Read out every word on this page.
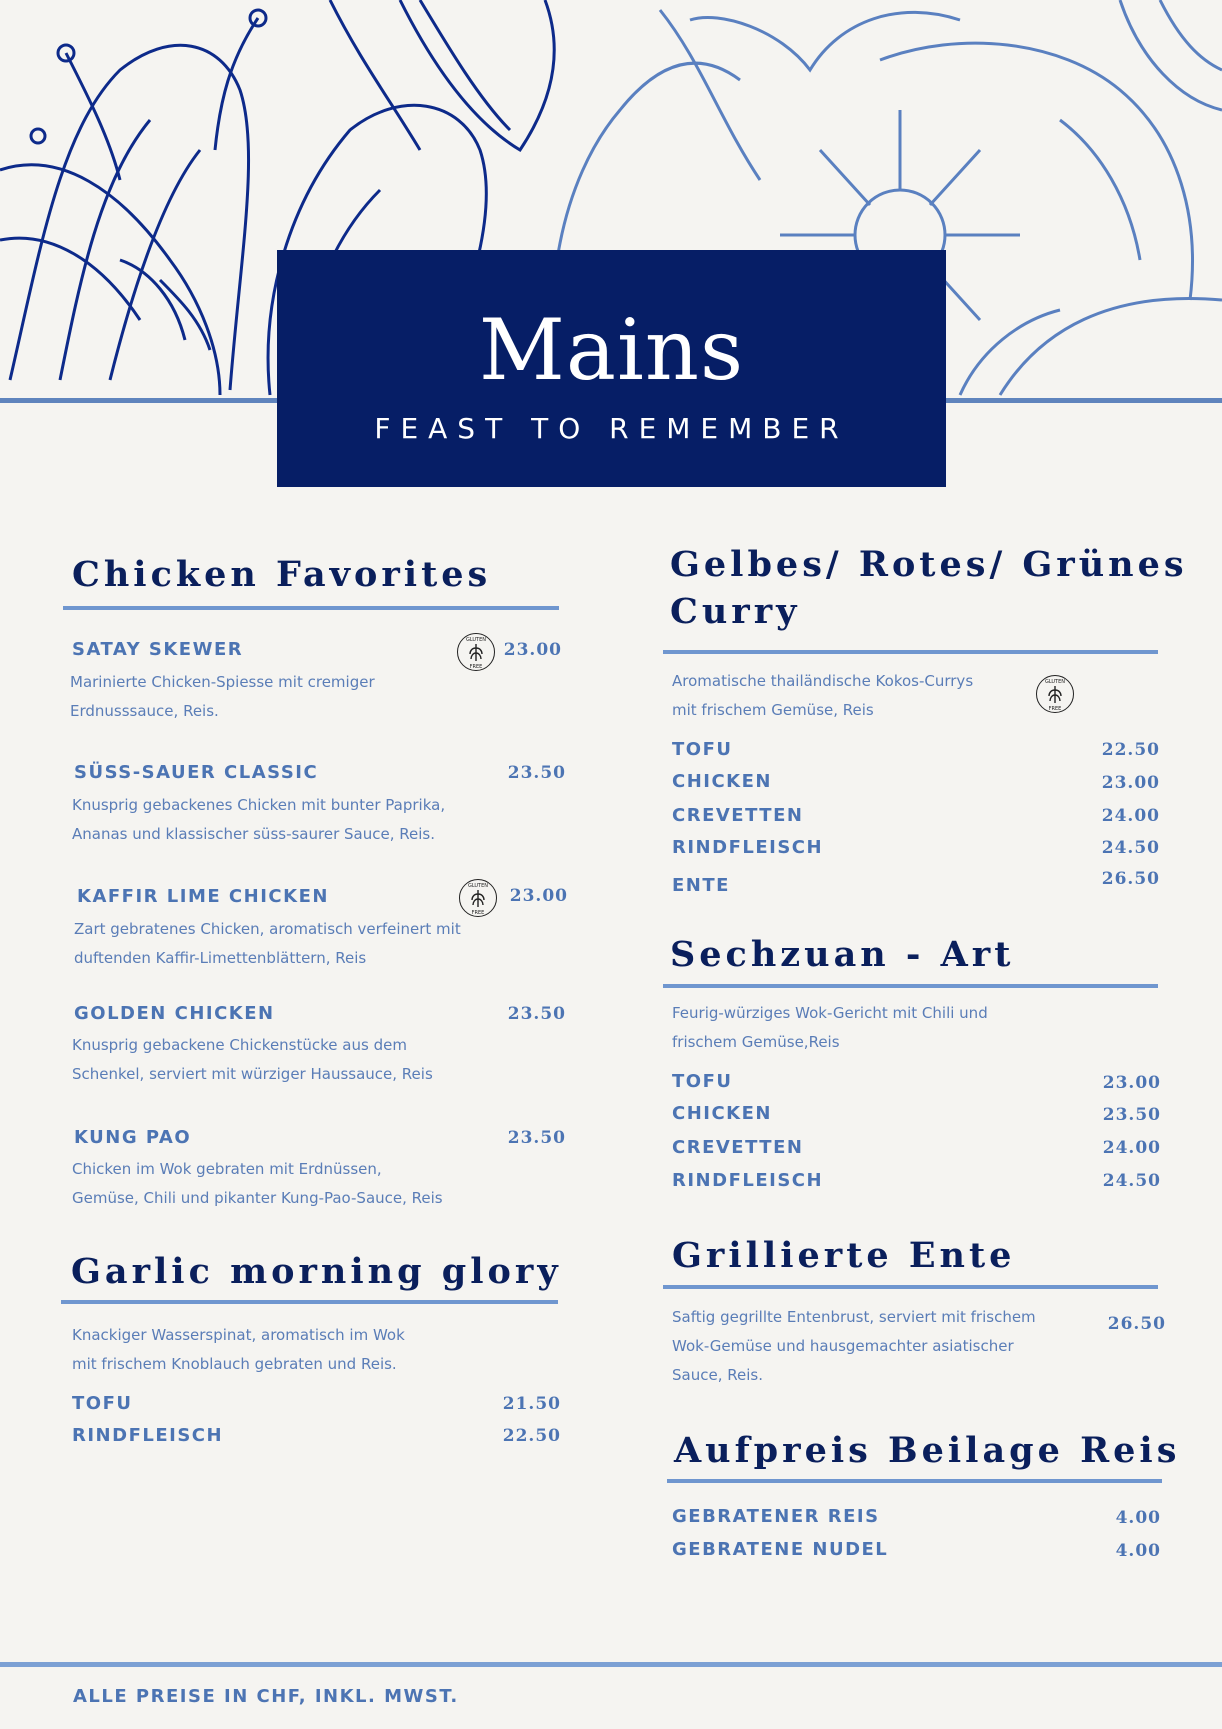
Mains
FEAST TO REMEMBER
Chicken Favorites
SATAY SKEWER	23.00
Marinierte Chicken-Spiesse mit cremiger
Erdnusssauce, Reis.
SÜSS-SAUER CLASSIC	23.50
Knusprig gebackenes Chicken mit bunter Paprika,
Ananas und klassischer süss-saurer Sauce, Reis.
KAFFIR LIME CHICKEN	23.00
Zart gebratenes Chicken, aromatisch verfeinert mit
duftenden Kaffir-Limettenblättern, Reis
GOLDEN CHICKEN	23.50
Knusprig gebackene Chickenstücke aus dem
Schenkel, serviert mit würziger Haussauce, Reis
KUNG PAO	23.50
Chicken im Wok gebraten mit Erdnüssen,
Gemüse, Chili und pikanter Kung-Pao-Sauce, Reis
Garlic morning glory
Knackiger Wasserspinat, aromatisch im Wok
mit frischem Knoblauch gebraten und Reis.
TOFU	21.50
RINDFLEISCH	22.50
Gelbes/ Rotes/ Grünes
Curry
Aromatische thailändische Kokos-Currys
mit frischem Gemüse, Reis
TOFU	22.50
CHICKEN	23.00
CREVETTEN	24.00
RINDFLEISCH	24.50
ENTE	26.50
Sechzuan - Art
Feurig-würziges Wok-Gericht mit Chili und
frischem Gemüse,Reis
TOFU	23.00
CHICKEN	23.50
CREVETTEN	24.00
RINDFLEISCH	24.50
Grillierte Ente
Saftig gegrillte Entenbrust, serviert mit frischem
Wok-Gemüse und hausgemachter asiatischer
Sauce, Reis.
26.50
Aufpreis Beilage Reis
GEBRATENER REIS	4.00
GEBRATENE NUDEL	4.00
GLUTEN
FREE
GLUTEN
FREE
GLUTEN
FREE
ALLE PREISE IN CHF, INKL. MWST.
